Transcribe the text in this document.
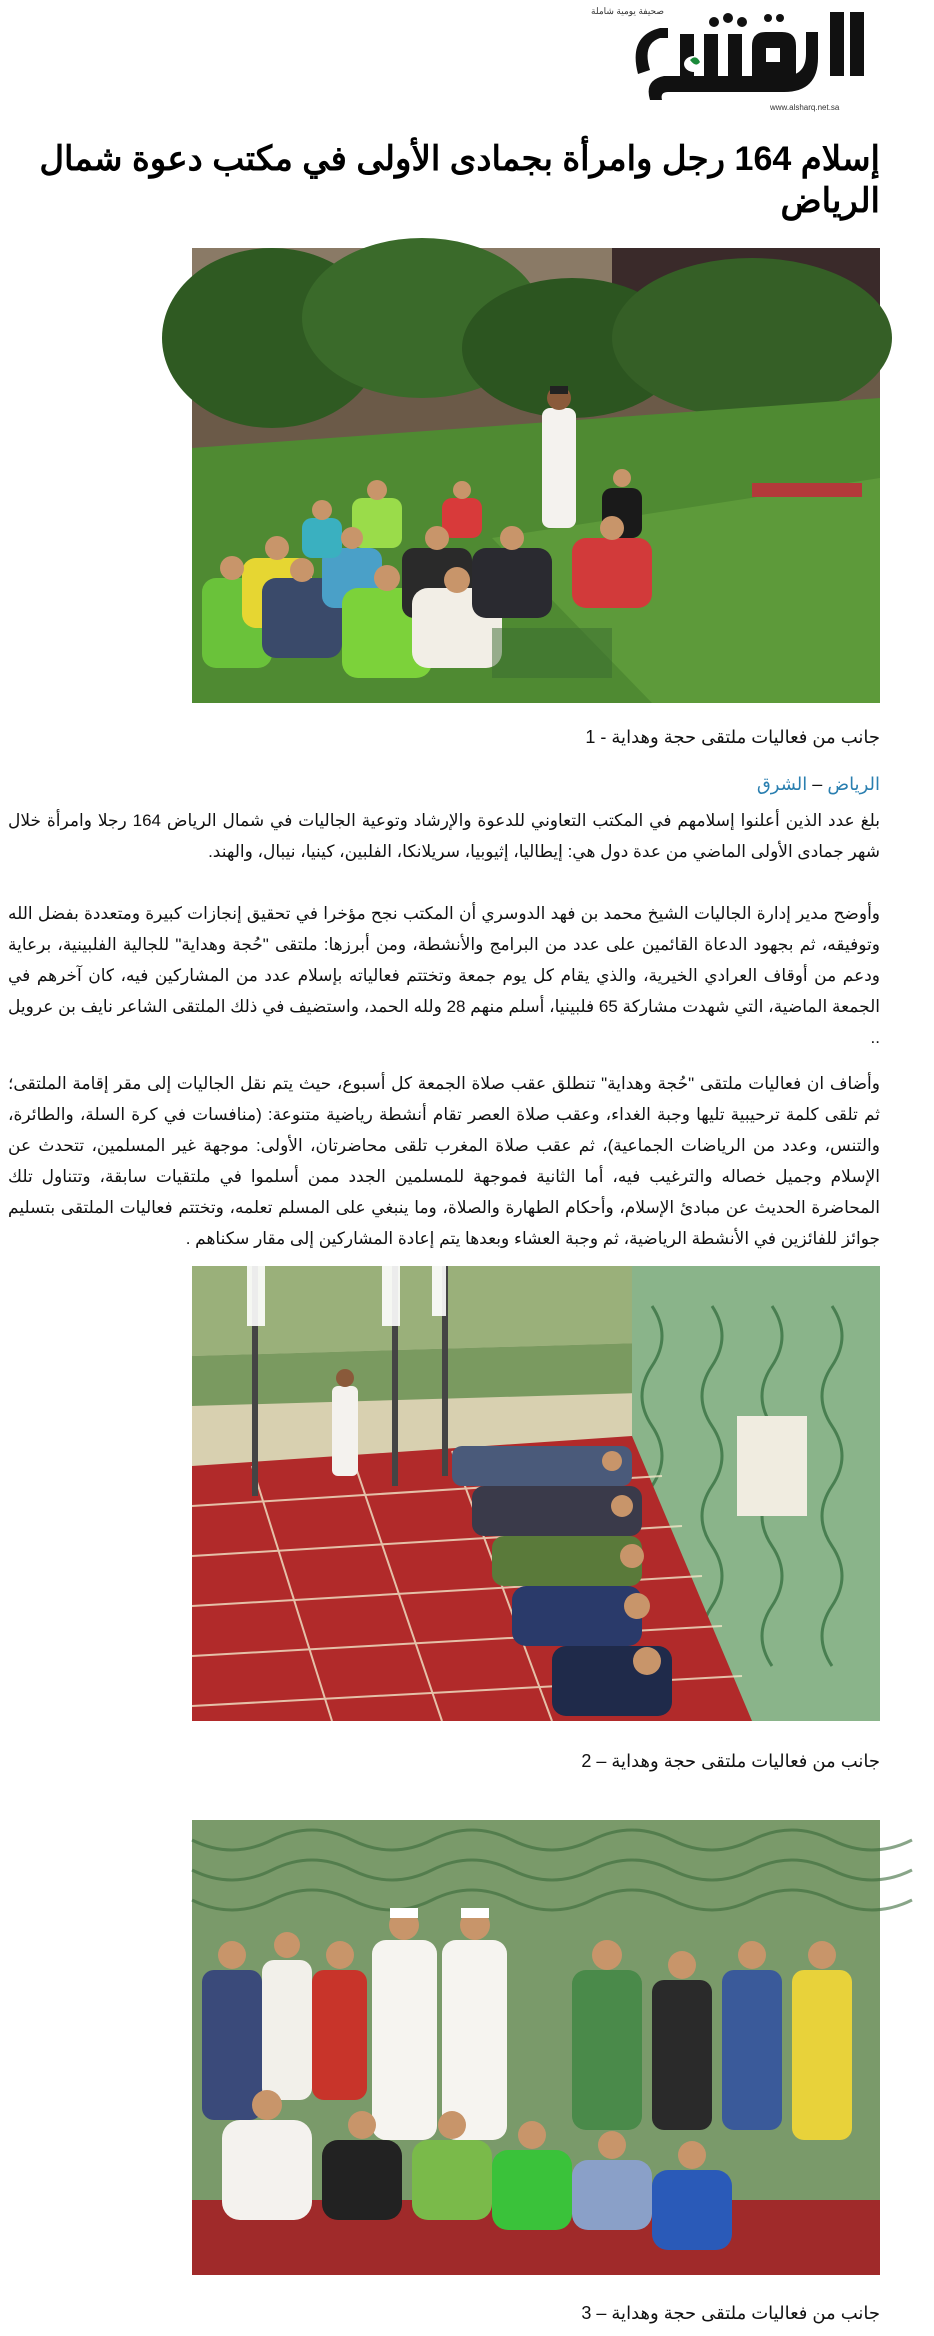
صحيفة يومية شاملة
www.alsharq.net.sa
إسلام 164 رجل وامرأة بجمادى الأولى في مكتب دعوة شمال الرياض
جانب من فعاليات ملتقى حجة وهداية - 1
الرياض – الشرق

بلغ عدد الذين أعلنوا إسلامهم في المكتب التعاوني للدعوة والإرشاد وتوعية الجاليات في شمال الرياض 164 رجلا وامرأة خلال شهر جمادى الأولى الماضي من عدة دول هي: إيطاليا، إثيوبيا، سريلانكا، الفلبين، كينيا، نيبال، والهند.

وأوضح مدير إدارة الجاليات الشيخ محمد بن فهد الدوسري أن المكتب نجح مؤخرا في تحقيق إنجازات كبيرة ومتعددة بفضل الله وتوفيقه، ثم بجهود الدعاة القائمين على عدد من البرامج والأنشطة، ومن أبرزها: ملتقى "حُجة وهداية" للجالية الفلبينية، برعاية ودعم من أوقاف العرادي الخيرية، والذي يقام كل يوم جمعة وتختتم فعالياته بإسلام عدد من المشاركين فيه، كان آخرهم في الجمعة الماضية، التي شهدت مشاركة 65 فلبينيا، أسلم منهم 28 ولله الحمد، واستضيف في ذلك الملتقى الشاعر نايف بن عرويل ..

وأضاف ان فعاليات ملتقى "حُجة وهداية" تنطلق عقب صلاة الجمعة كل أسبوع، حيث يتم نقل الجاليات إلى مقر إقامة الملتقى؛ ثم تلقى كلمة ترحيبية تليها وجبة الغداء، وعقب صلاة العصر تقام أنشطة رياضية متنوعة: (منافسات في كرة السلة، والطائرة، والتنس، وعدد من الرياضات الجماعية)، ثم عقب صلاة المغرب تلقى محاضرتان، الأولى: موجهة غير المسلمين، تتحدث عن الإسلام وجميل خصاله والترغيب فيه، أما الثانية فموجهة للمسلمين الجدد ممن أسلموا في ملتقيات سابقة، وتتناول تلك المحاضرة الحديث عن مبادئ الإسلام، وأحكام الطهارة والصلاة، وما ينبغي على المسلم تعلمه، وتختتم فعاليات الملتقى بتسليم جوائز للفائزين في الأنشطة الرياضية، ثم وجبة العشاء وبعدها يتم إعادة المشاركين إلى مقار سكناهم .

جانب من فعاليات ملتقى حجة وهداية – 2
جانب من فعاليات ملتقى حجة وهداية – 3
